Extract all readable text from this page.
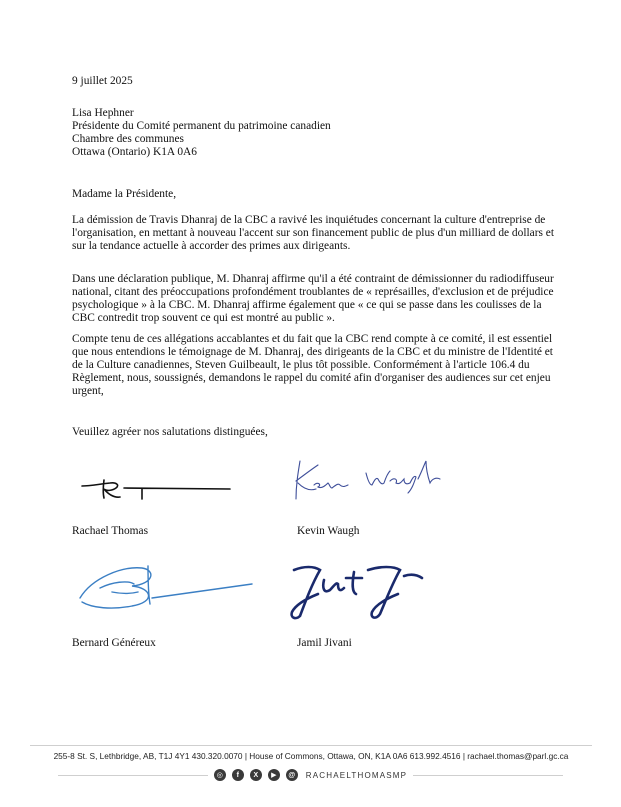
9 juillet 2025
Lisa Hephner
Présidente du Comité permanent du patrimoine canadien
Chambre des communes
Ottawa (Ontario) K1A 0A6
Madame la Présidente,
La démission de Travis Dhanraj de la CBC a ravivé les inquiétudes concernant la culture d'entreprise de l'organisation, en mettant à nouveau l'accent sur son financement public de plus d'un milliard de dollars et sur la tendance actuelle à accorder des primes aux dirigeants.
Dans une déclaration publique, M. Dhanraj affirme qu'il a été contraint de démissionner du radiodiffuseur national, citant des préoccupations profondément troublantes de « représailles, d'exclusion et de préjudice psychologique » à la CBC. M. Dhanraj affirme également que « ce qui se passe dans les coulisses de la CBC contredit trop souvent ce qui est montré au public ».
Compte tenu de ces allégations accablantes et du fait que la CBC rend compte à ce comité, il est essentiel que nous entendions le témoignage de M. Dhanraj, des dirigeants de la CBC et du ministre de l'Identité et de la Culture canadiennes, Steven Guilbeault, le plus tôt possible. Conformément à l'article 106.4 du Règlement, nous, soussignés, demandons le rappel du comité afin d'organiser des audiences sur cet enjeu urgent,
Veuillez agréer nos salutations distinguées,
Rachael Thomas	Kevin Waugh
Bernard Généreux	Jamil Jivani
255-8 St. S, Lethbridge, AB, T1J 4Y1 430.320.0070 | House of Commons, Ottawa, ON, K1A 0A6 613.992.4516 | rachael.thomas@parl.gc.ca
◎	f	X	▶	@	RACHAELTHOMASMP
